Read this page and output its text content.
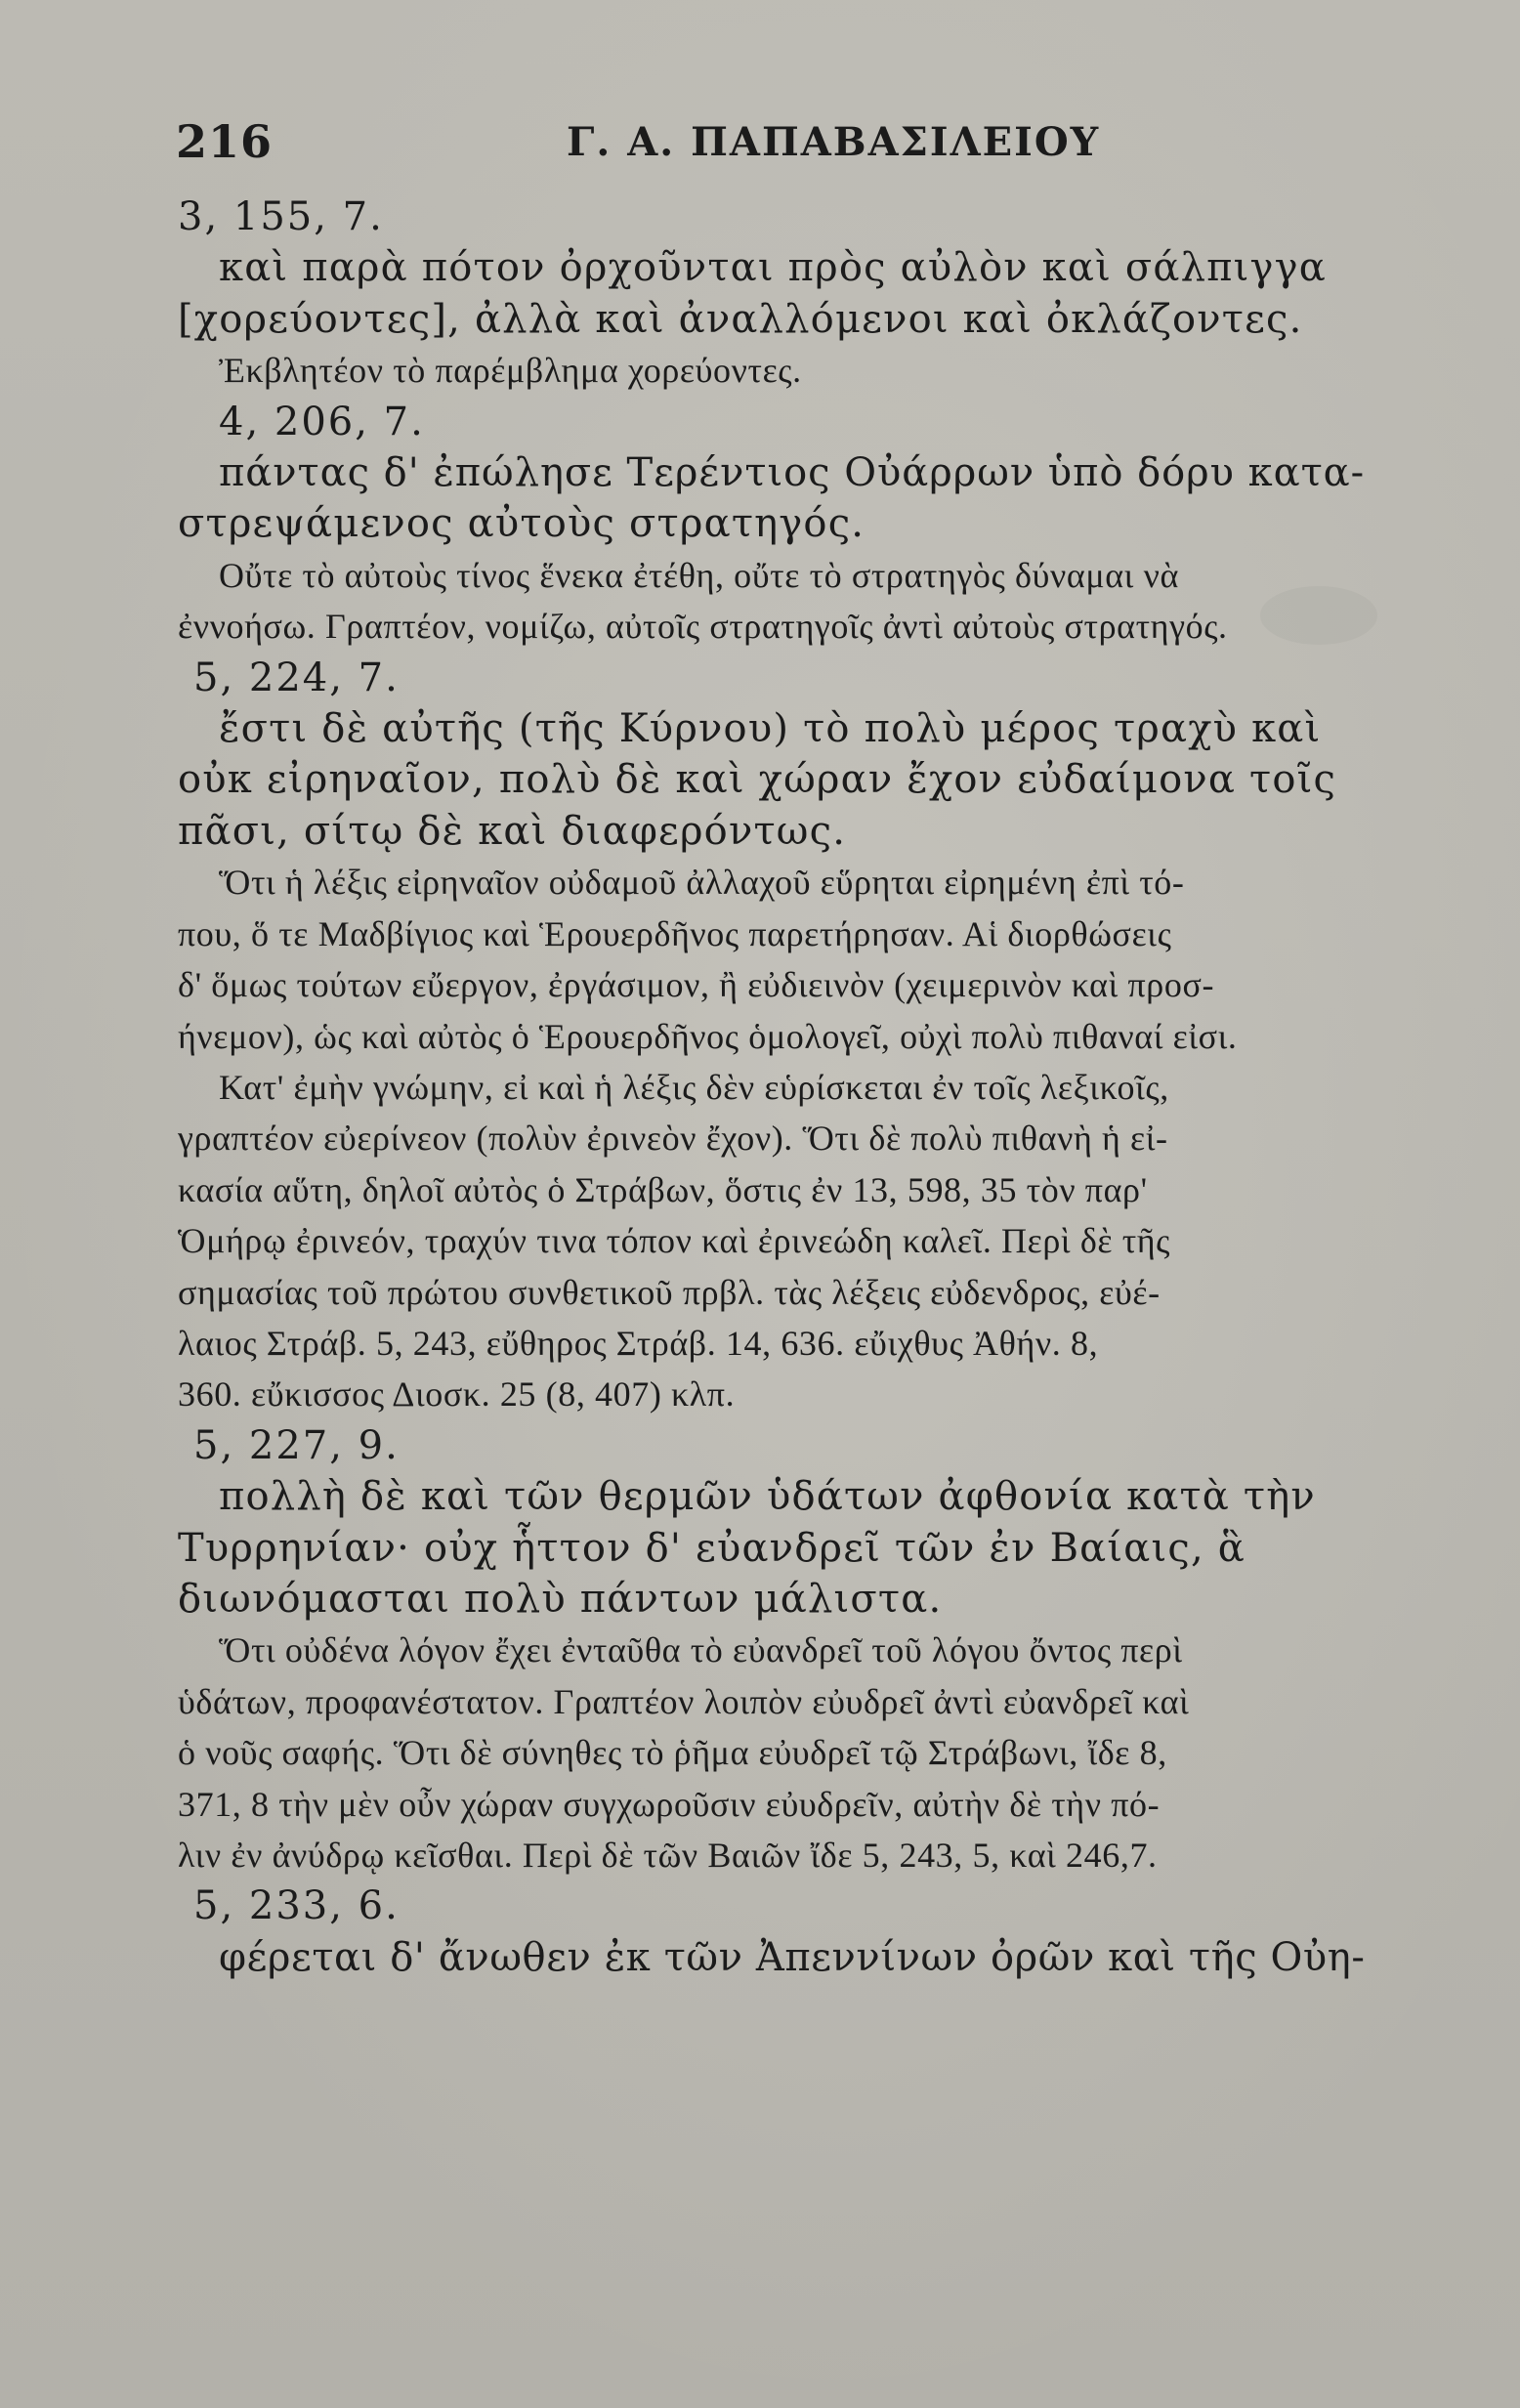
216	Γ. Α. ΠΑΠΑΒΑΣΙΛΕΙΟΥ
3, 155, 7.
καὶ παρὰ πότον ὀρχοῦνται πρὸς αὐλὸν καὶ σάλπιγγα
[χορεύοντες], ἀλλὰ καὶ ἀναλλόμενοι καὶ ὀκλάζοντες.
Ἐκβλητέον τὸ παρέμβλημα χορεύοντες.
4, 206, 7.
πάντας δ' ἐπώλησε Τερέντιος Οὐάρρων ὑπὸ δόρυ κατα-
στρεψάμενος αὐτοὺς στρατηγός.
Οὔτε τὸ αὐτοὺς τίνος ἕνεκα ἐτέθη, οὔτε τὸ στρατηγὸς δύναμαι νὰ
ἐννοήσω. Γραπτέον, νομίζω, αὐτοῖς στρατηγοῖς ἀντὶ αὐτοὺς στρατηγός.
5, 224, 7.
ἔστι δὲ αὐτῆς (τῆς Κύρνου) τὸ πολὺ μέρος τραχὺ καὶ
οὐκ εἰρηναῖον, πολὺ δὲ καὶ χώραν ἔχον εὐδαίμονα τοῖς
πᾶσι, σίτῳ δὲ καὶ διαφερόντως.
Ὅτι ἡ λέξις εἰρηναῖον οὐδαμοῦ ἀλλαχοῦ εὕρηται εἰρημένη ἐπὶ τό-
που, ὅ τε Μαδβίγιος καὶ Ἑρουερδῆνος παρετήρησαν. Αἱ διορθώσεις
δ' ὅμως τούτων εὔεργον, ἐργάσιμον, ἢ εὐδιεινὸν (χειμερινὸν καὶ προσ-
ήνεμον), ὡς καὶ αὐτὸς ὁ Ἑρουερδῆνος ὁμολογεῖ, οὐχὶ πολὺ πιθαναί εἰσι.
Κατ' ἐμὴν γνώμην, εἰ καὶ ἡ λέξις δὲν εὑρίσκεται ἐν τοῖς λεξικοῖς,
γραπτέον εὐερίνεον (πολὺν ἐρινεὸν ἔχον). Ὅτι δὲ πολὺ πιθανὴ ἡ εἰ-
κασία αὕτη, δηλοῖ αὐτὸς ὁ Στράβων, ὅστις ἐν 13, 598, 35 τὸν παρ'
Ὁμήρῳ ἐρινεόν, τραχύν τινα τόπον καὶ ἐρινεώδη καλεῖ. Περὶ δὲ τῆς
σημασίας τοῦ πρώτου συνθετικοῦ πρβλ. τὰς λέξεις εὐδενδρος, εὐέ-
λαιος Στράβ. 5, 243, εὔθηρος Στράβ. 14, 636. εὔιχθυς Ἀθήν. 8,
360. εὔκισσος Διοσκ. 25 (8, 407) κλπ.
5, 227, 9.
πολλὴ δὲ καὶ τῶν θερμῶν ὑδάτων ἀφθονία κατὰ τὴν
Τυρρηνίαν· οὐχ ἧττον δ' εὐανδρεῖ τῶν ἐν Βαίαις, ἃ
διωνόμασται πολὺ πάντων μάλιστα.
Ὅτι οὐδένα λόγον ἔχει ἐνταῦθα τὸ εὐανδρεῖ τοῦ λόγου ὄντος περὶ
ὑδάτων, προφανέστατον. Γραπτέον λοιπὸν εὐυδρεῖ ἀντὶ εὐανδρεῖ καὶ
ὁ νοῦς σαφής. Ὅτι δὲ σύνηθες τὸ ῥῆμα εὐυδρεῖ τῷ Στράβωνι, ἴδε 8,
371, 8 τὴν μὲν οὖν χώραν συγχωροῦσιν εὐυδρεῖν, αὐτὴν δὲ τὴν πό-
λιν ἐν ἀνύδρῳ κεῖσθαι. Περὶ δὲ τῶν Βαιῶν ἴδε 5, 243, 5, καὶ 246,7.
5, 233, 6.
φέρεται δ' ἄνωθεν ἐκ τῶν Ἀπεννίνων ὀρῶν καὶ τῆς Οὐη-
